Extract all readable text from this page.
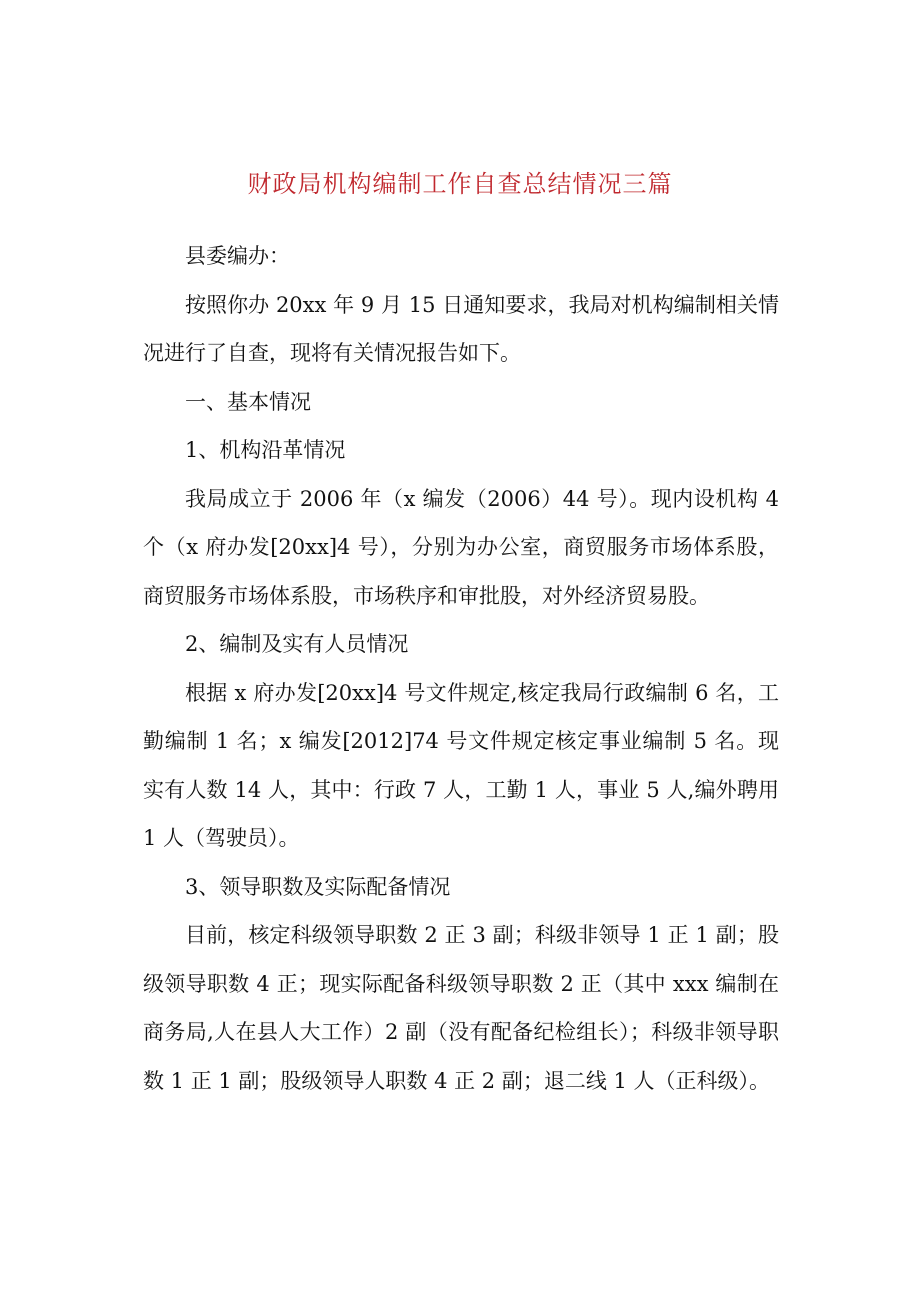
财政局机构编制工作自查总结情况三篇

县委编办：

按照你办 20xx 年 9 月 15 日通知要求，我局对机构编制相关情况进行了自查，现将有关情况报告如下。

一、基本情况

1、机构沿革情况

我局成立于 2006 年（x 编发（2006）44 号）。现内设机构 4 个（x 府办发[20xx]4 号），分别为办公室，商贸服务市场体系股，商贸服务市场体系股，市场秩序和审批股，对外经济贸易股。

2、编制及实有人员情况

根据 x 府办发[20xx]4 号文件规定,核定我局行政编制 6 名，工勤编制 1 名；x 编发[2012]74 号文件规定核定事业编制 5 名。现实有人数 14 人，其中：行政 7 人，工勤 1 人，事业 5 人,编外聘用 1 人（驾驶员）。

3、领导职数及实际配备情况

目前，核定科级领导职数 2 正 3 副；科级非领导 1 正 1 副；股级领导职数 4 正；现实际配备科级领导职数 2 正（其中 xxx 编制在商务局,人在县人大工作）2 副（没有配备纪检组长）；科级非领导职数 1 正 1 副；股级领导人职数 4 正 2 副；退二线 1 人（正科级）。
